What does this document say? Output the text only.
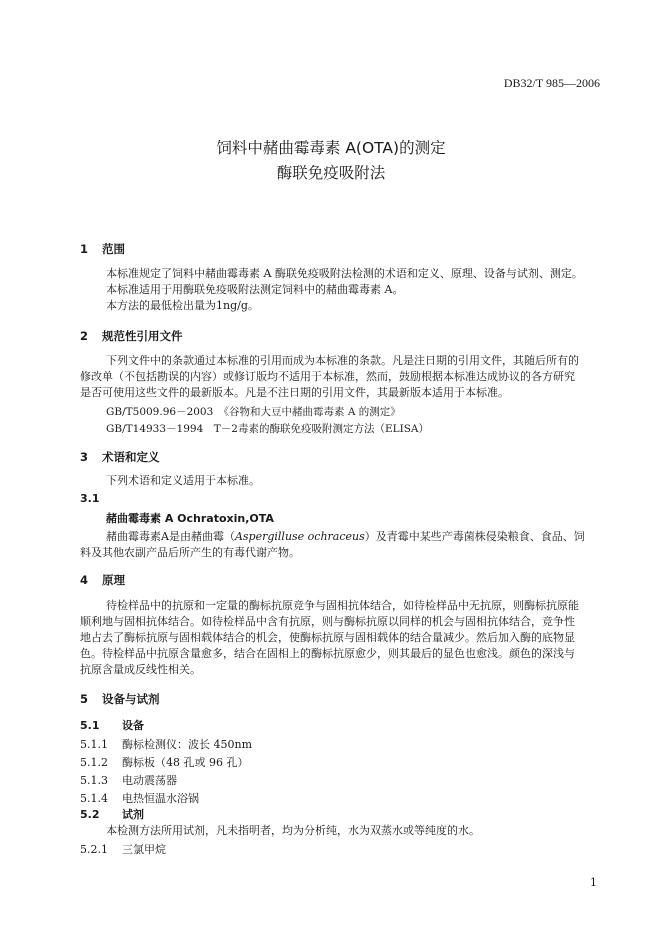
DB32/T 985—2006
饲料中赭曲霉毒素 A(OTA)的测定
酶联免疫吸附法
1 范围
本标准规定了饲料中赭曲霉毒素 A 酶联免疫吸附法检测的术语和定义、原理、设备与试剂、测定。
本标准适用于用酶联免疫吸附法测定饲料中的赭曲霉毒素 A。
本方法的最低检出量为1ng/g。
2 规范性引用文件
下列文件中的条款通过本标准的引用而成为本标准的条款。凡是注日期的引用文件，其随后所有的
修改单（不包括勘误的内容）或修订版均不适用于本标准，然而，鼓励根据本标准达成协议的各方研究
是否可使用这些文件的最新版本。凡是不注日期的引用文件，其最新版本适用于本标准。
GB/T5009.96－2003　《谷物和大豆中赭曲霉毒素 A 的测定》
GB/T14933－1994　T－2毒素的酶联免疫吸附测定方法（ELISA）
3 术语和定义
下列术语和定义适用于本标准。
3.1
赭曲霉毒素 A Ochratoxin,OTA
赭曲霉毒素A是由赭曲霉（Aspergilluse ochraceus）及青霉中某些产毒菌株侵染粮食、食品、饲
料及其他农副产品后所产生的有毒代谢产物。
4 原理
待检样品中的抗原和一定量的酶标抗原竞争与固相抗体结合，如待检样品中无抗原，则酶标抗原能
顺利地与固相抗体结合。如待检样品中含有抗原，则与酶标抗原以同样的机会与固相抗体结合，竞争性
地占去了酶标抗原与固相载体结合的机会，使酶标抗原与固相载体的结合量减少。然后加入酶的底物显
色。待检样品中抗原含量愈多，结合在固相上的酶标抗原愈少，则其最后的显色也愈浅。颜色的深浅与
抗原含量成反线性相关。
5 设备与试剂
5.1 设备
5.1.1 酶标检测仪：波长 450nm
5.1.2 酶标板（48 孔或 96 孔）
5.1.3 电动震荡器
5.1.4 电热恒温水浴锅
5.2 试剂
本检测方法所用试剂，凡未指明者，均为分析纯，水为双蒸水或等纯度的水。
5.2.1 三氯甲烷
1
